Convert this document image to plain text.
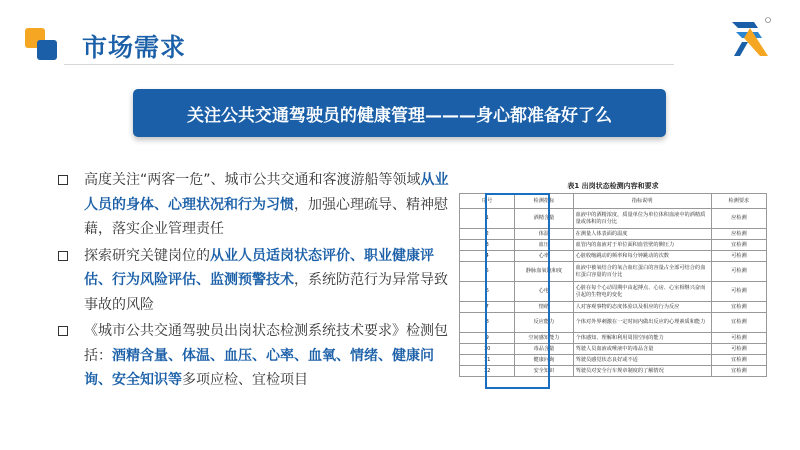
市场需求
关注公共交通驾驶员的健康管理———身心都准备好了么
高度关注“两客一危”、城市公共交通和客渡游船等领域从业人员的身体、心理状况和行为习惯，加强心理疏导、精神慰藉，落实企业管理责任
探索研究关键岗位的从业人员适岗状态评价、职业健康评估、行为风险评估、监测预警技术，系统防范行为异常导致事故的风险
《城市公共交通驾驶员出岗状态检测系统技术要求》检测包括：酒精含量、体温、血压、心率、血氧、情绪、健康问询、安全知识等多项应检、宜检项目
表1 出岗状态检测内容和要求
序号	检测指标	指标说明	检测要求
1	酒精含量	血液中的酒精浓度，质量单位为单位体积血液中的酒精质量或体积的百分比	应检测
2	体温	在测量人体表面的温度	应检测
3	血压	血管内的血液对于单位面积血管壁的侧压力	宜检测
4	心率	心脏收缩跳动的频率和每分钟跳动的次数	可检测
5	静脉血氧饱和度	血液中被氧结合的氧合血红蛋白的容量占全部可结合的血红蛋白容量的百分比	可检测
6	心电	心脏在每个心动周期中由起搏点、心房、心室相继兴奋而引起的生物电的变化	可检测
7	情绪	人对客观事物的态度体验以及相应的行为反应	宜检测
8	反应能力	个体对外界刺激在一定时间内做出反应的心理素质和能力	宜检测
9	空间感知能力	个体感知、理解和利用周围空间的能力	可检测
10	毒品含量	驾驶人员血液或唾液中的毒品含量	可检测
11	健康问询	驾驶员感觉状态良好或不适	宜检测
12	安全知识	驾驶员对安全行车规章制度的了解情况	宜检测
